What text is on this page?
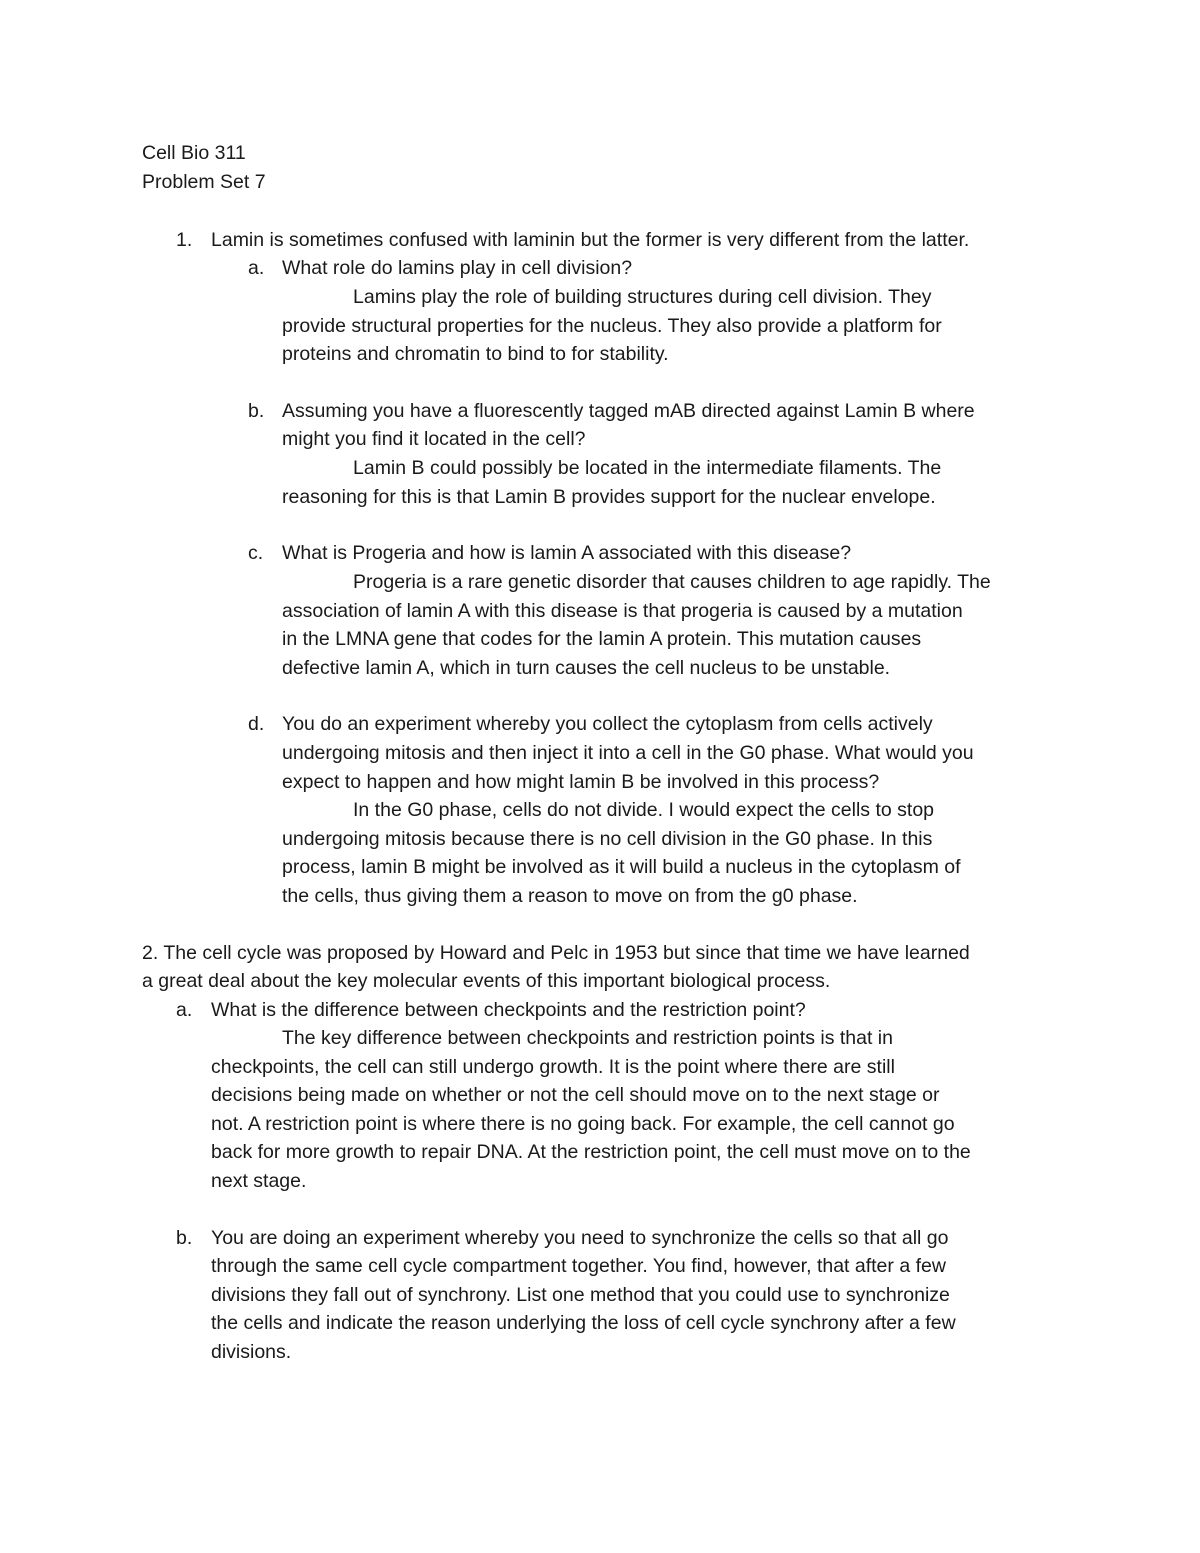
Cell Bio 311
Problem Set 7
1. Lamin is sometimes confused with laminin but the former is very different from the latter.
a. What role do lamins play in cell division?
Lamins play the role of building structures during cell division. They
provide structural properties for the nucleus. They also provide a platform for
proteins and chromatin to bind to for stability.
b. Assuming you have a fluorescently tagged mAB directed against Lamin B where
might you find it located in the cell?
Lamin B could possibly be located in the intermediate filaments. The
reasoning for this is that Lamin B provides support for the nuclear envelope.
c. What is Progeria and how is lamin A associated with this disease?
Progeria is a rare genetic disorder that causes children to age rapidly. The
association of lamin A with this disease is that progeria is caused by a mutation
in the LMNA gene that codes for the lamin A protein. This mutation causes
defective lamin A, which in turn causes the cell nucleus to be unstable.
d. You do an experiment whereby you collect the cytoplasm from cells actively
undergoing mitosis and then inject it into a cell in the G0 phase. What would you
expect to happen and how might lamin B be involved in this process?
In the G0 phase, cells do not divide. I would expect the cells to stop
undergoing mitosis because there is no cell division in the G0 phase. In this
process, lamin B might be involved as it will build a nucleus in the cytoplasm of
the cells, thus giving them a reason to move on from the g0 phase.
2. The cell cycle was proposed by Howard and Pelc in 1953 but since that time we have learned
a great deal about the key molecular events of this important biological process.
a. What is the difference between checkpoints and the restriction point?
The key difference between checkpoints and restriction points is that in
checkpoints, the cell can still undergo growth. It is the point where there are still
decisions being made on whether or not the cell should move on to the next stage or
not. A restriction point is where there is no going back. For example, the cell cannot go
back for more growth to repair DNA. At the restriction point, the cell must move on to the
next stage.
b. You are doing an experiment whereby you need to synchronize the cells so that all go
through the same cell cycle compartment together. You find, however, that after a few
divisions they fall out of synchrony. List one method that you could use to synchronize
the cells and indicate the reason underlying the loss of cell cycle synchrony after a few
divisions.
